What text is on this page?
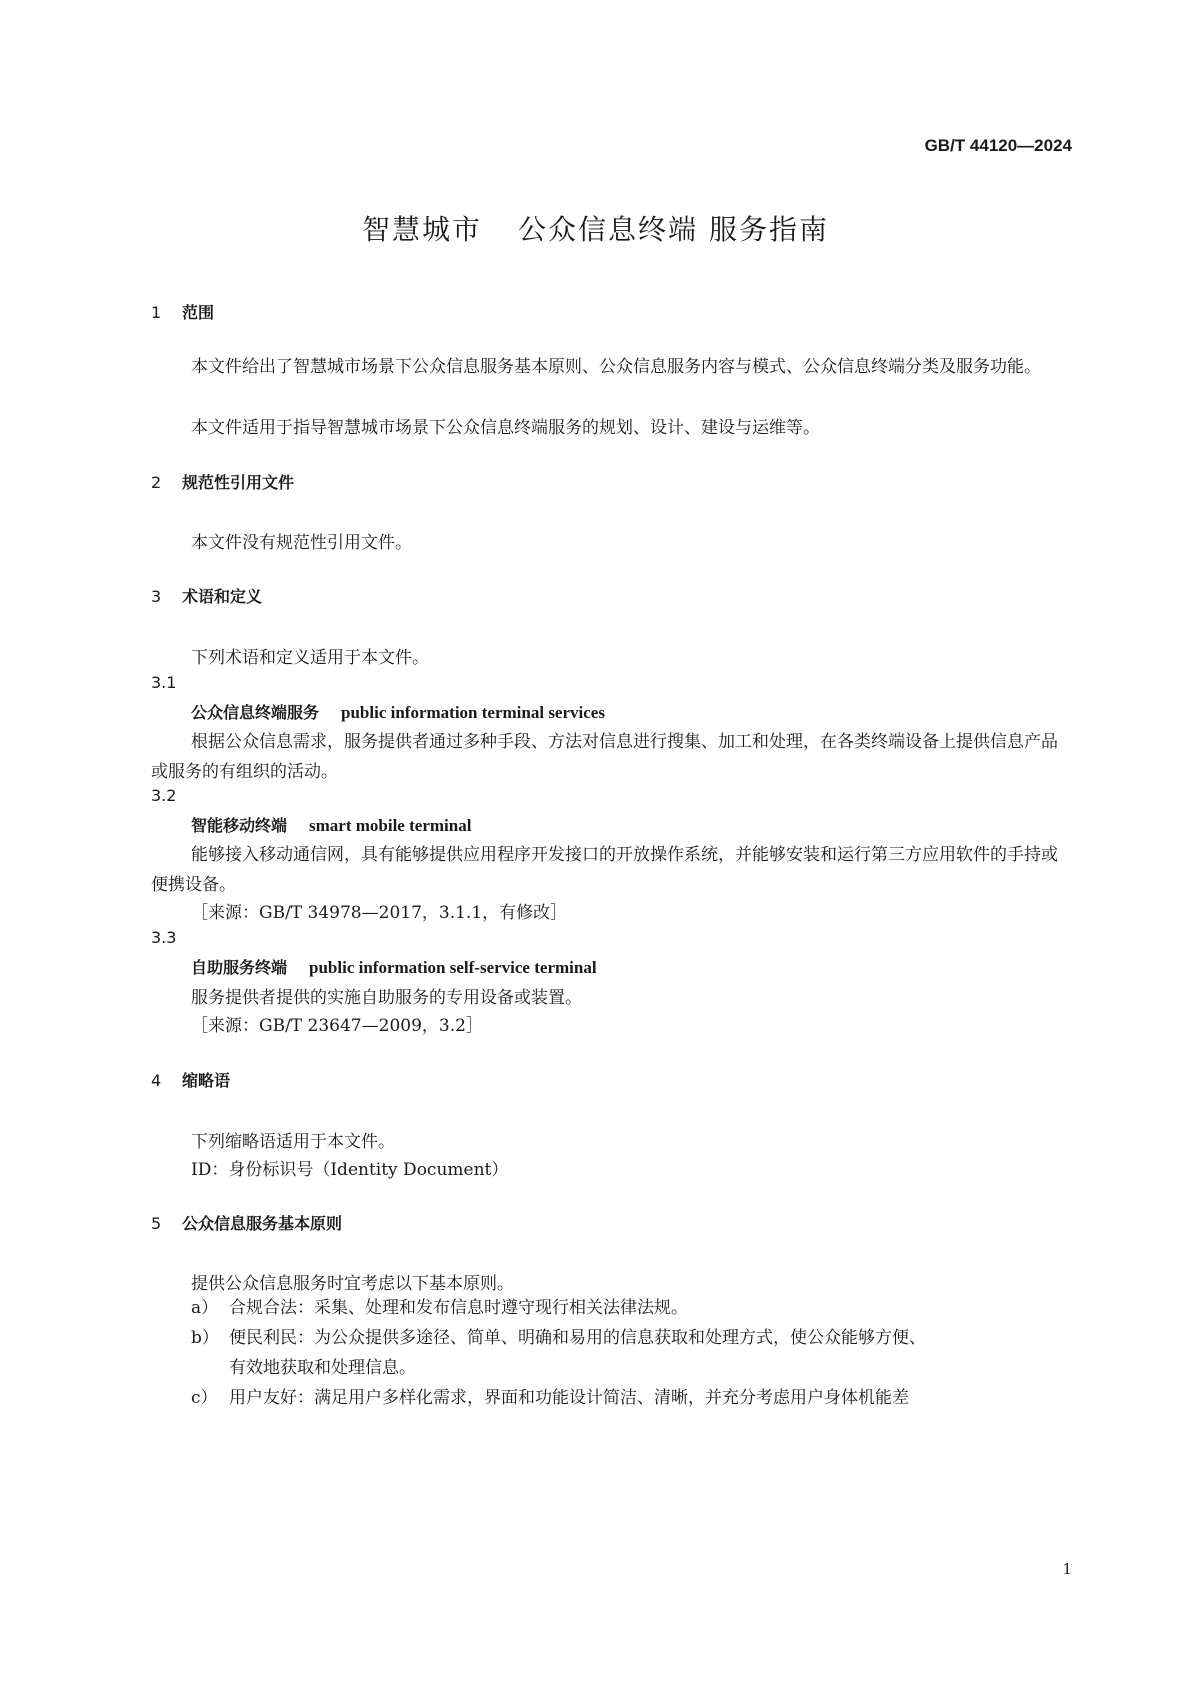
GB/T 44120—2024
智慧城市 公众信息终端 服务指南
1 范围
本文件给出了智慧城市场景下公众信息服务基本原则、公众信息服务内容与模式、公众信息终端分类及服务功能。
本文件适用于指导智慧城市场景下公众信息终端服务的规划、设计、建设与运维等。
2 规范性引用文件
本文件没有规范性引用文件。
3 术语和定义
下列术语和定义适用于本文件。
3.1
公众信息终端服务 public information terminal services
根据公众信息需求，服务提供者通过多种手段、方法对信息进行搜集、加工和处理，在各类终端设备上提供信息产品或服务的有组织的活动。
3.2
智能移动终端 smart mobile terminal
能够接入移动通信网，具有能够提供应用程序开发接口的开放操作系统，并能够安装和运行第三方应用软件的手持或便携设备。
［来源：GB/T 34978—2017，3.1.1，有修改］
3.3
自助服务终端 public information self-service terminal
服务提供者提供的实施自助服务的专用设备或装置。
［来源：GB/T 23647—2009，3.2］
4 缩略语
下列缩略语适用于本文件。
ID：身份标识号（Identity Document）
5 公众信息服务基本原则
提供公众信息服务时宜考虑以下基本原则。
a） 合规合法：采集、处理和发布信息时遵守现行相关法律法规。
b） 便民利民：为公众提供多途径、简单、明确和易用的信息获取和处理方式，使公众能够方便、
有效地获取和处理信息。
c） 用户友好：满足用户多样化需求，界面和功能设计简洁、清晰，并充分考虑用户身体机能差
1
